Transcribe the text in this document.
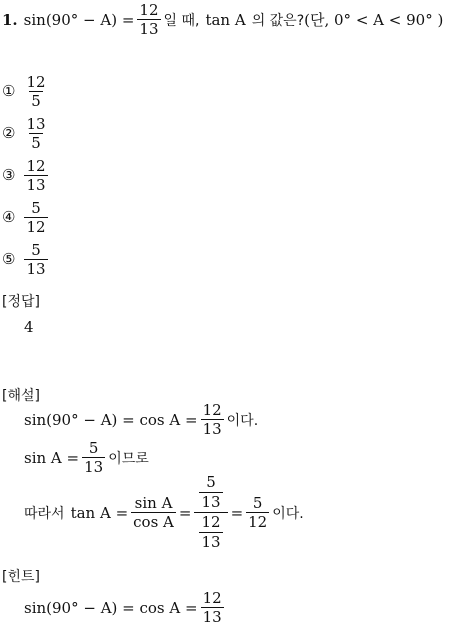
1. $\sin(90^\circ - A) = \frac{12}{13}$ 일 때, tan A 의 값은? (단, 0° < A < 90° )
① $\frac{12}{5}$
② $\frac{13}{5}$
③ $\frac{12}{13}$
④ $\frac{5}{12}$
⑤ $\frac{5}{13}$
[정답]
4
[해설]
$\sin(90^\circ - A) = \cos A = \frac{12}{13}$ 이다.
$\sin A = \frac{5}{13}$ 이므로
따라서 $\tan A = \frac{\text{sin A}}{\text{cos A}} = \frac{\frac{5}{13}}{\frac{12}{13}} = \frac{5}{12}$ 이다.
[힌트]
$\sin(90^\circ - A) = \cos A = \frac{12}{13}$
